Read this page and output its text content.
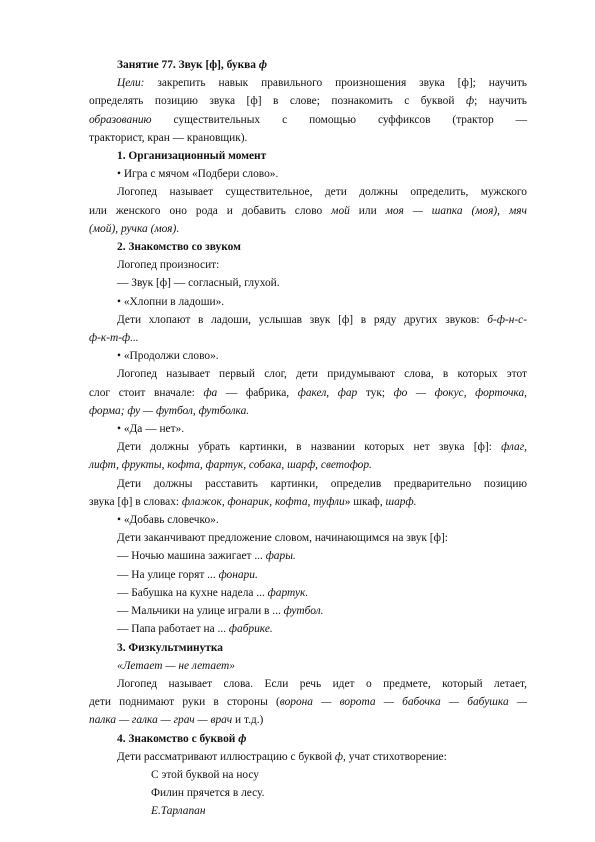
Занятие 77. Звук [ф], буква ф

Цели: закрепить навык правильного произношения звука [ф]; научить

определять позицию звука [ф] в слове; познакомить с буквой ф; научить

образованию существительных с помощью суффиксов (трактор —

тракторист, кран — крановщик).

1. Организационный момент

• Игра с мячом «Подбери слово».

Логопед называет существительное, дети должны определить, мужского

или женского оно рода и добавить слово мой или моя — шапка (моя), мяч

(мой), ручка (моя).

2. Знакомство со звуком

Логопед произносит:

— Звук [ф] — согласный, глухой.

• «Хлопни в ладоши».

Дети хлопают в ладоши, услышав звук [ф] в ряду других звуков: б-ф-н-с-

ф-к-т-ф...

• «Продолжи слово».

Логопед называет первый слог, дети придумывают слова, в которых этот

слог стоит вначале: фа — фабрика, факел, фар тук; фо — фокус, форточка,

форма; фу — футбол, футболка.

• «Да — нет».

Дети должны убрать картинки, в названии которых нет звука [ф]: флаг,

лифт, фрукты, кофта, фартук, собака, шарф, светофор.

Дети должны расставить картинки, определив предварительно позицию

звука [ф] в словах: флажок, фонарик, кофта, туфли» шкаф, шарф.

• «Добавь словечко».

Дети заканчивают предложение словом, начинающимся на звук [ф]:

— Ночью машина зажигает ... фары.

— На улице горят ... фонари.

— Бабушка на кухне надела ... фартук.

— Мальчики на улице играли в ... футбол.

— Папа работает на ... фабрике.

3. Физкультминутка

«Летает — не летает»

Логопед называет слова. Если речь идет о предмете, который летает,

дети поднимают руки в стороны (ворона — ворота — бабочка — бабушка —

палка — галка — грач — врач и т.д.)

4. Знакомство с буквой ф

Дети рассматривают иллюстрацию с буквой ф, учат стихотворение:

С этой буквой на носу

Филин прячется в лесу.

Е.Тарлапан
